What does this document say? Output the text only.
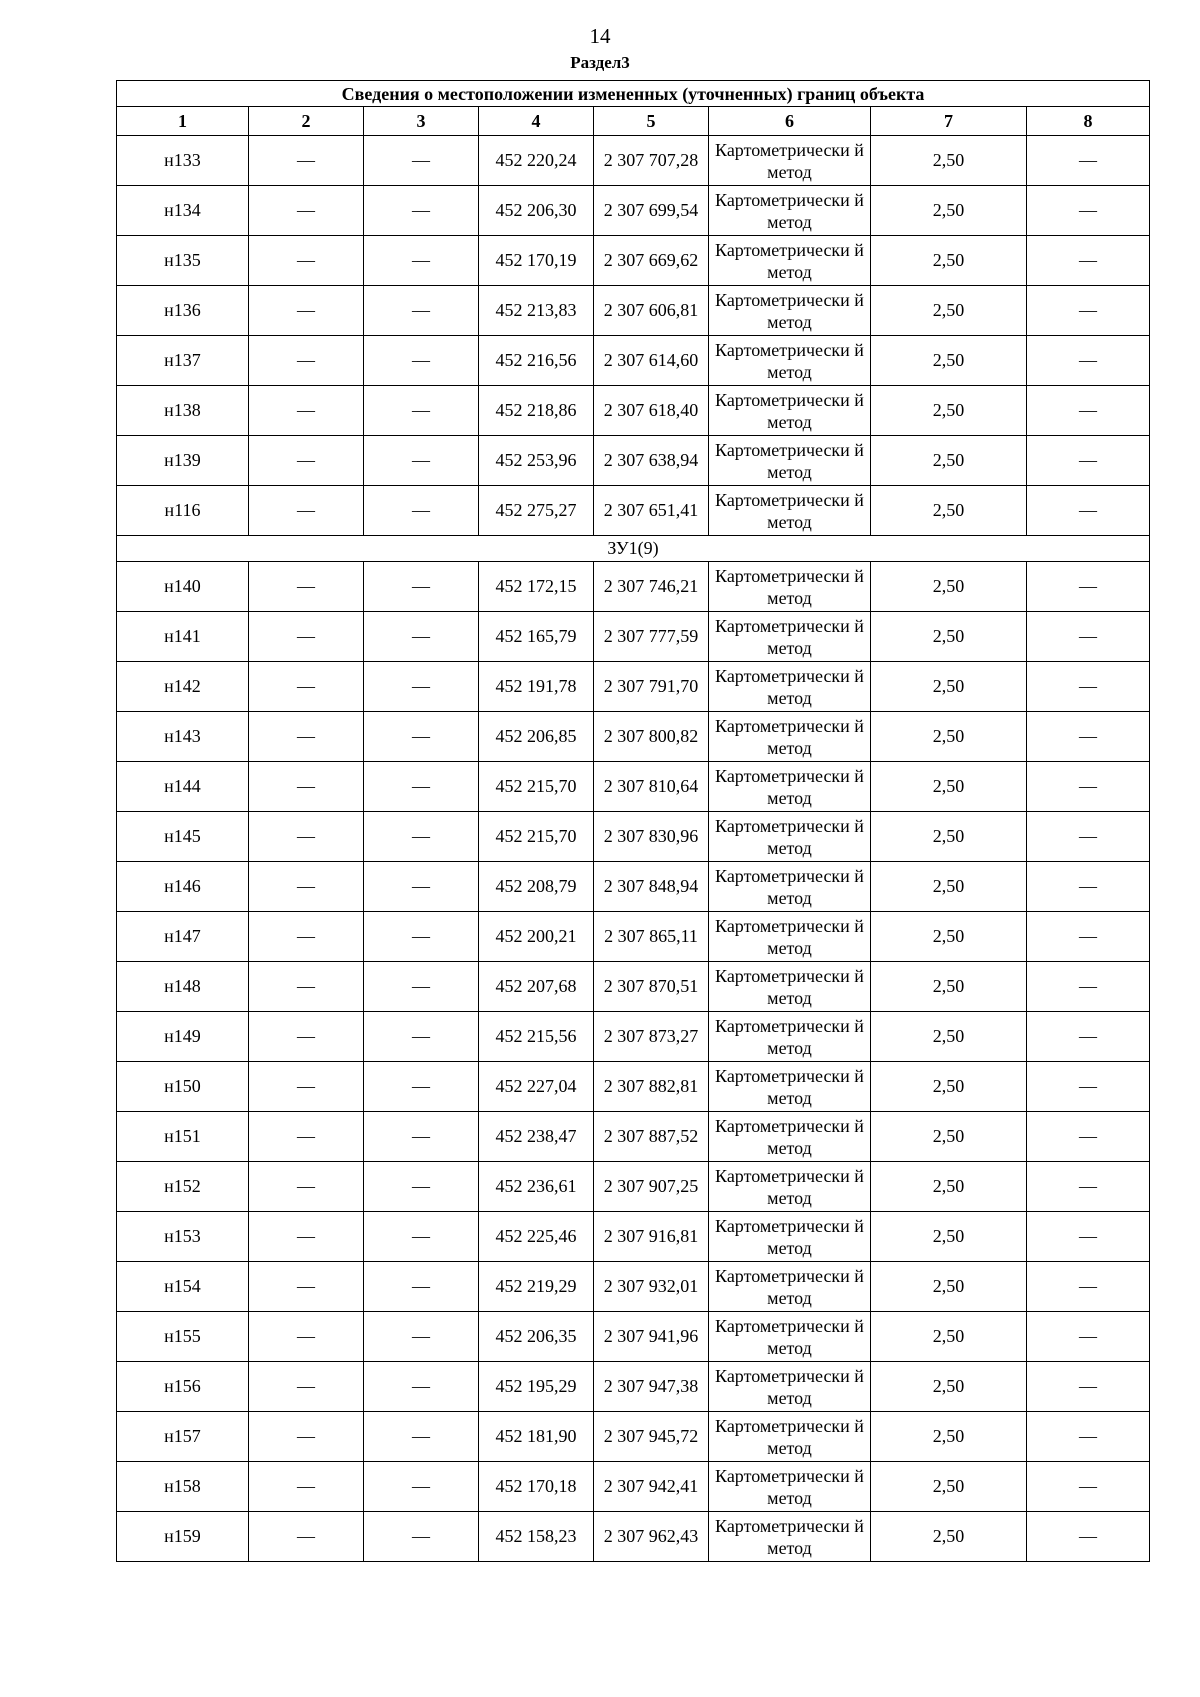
14
Раздел3
Сведения о местоположении измененных (уточненных) границ объекта							
1	2	3	4	5	6	7	8
н133	—	—	452 220,24	2 307 707,28	Картометрически й метод	2,50	—
н134	—	—	452 206,30	2 307 699,54	Картометрически й метод	2,50	—
н135	—	—	452 170,19	2 307 669,62	Картометрически й метод	2,50	—
н136	—	—	452 213,83	2 307 606,81	Картометрически й метод	2,50	—
н137	—	—	452 216,56	2 307 614,60	Картометрически й метод	2,50	—
н138	—	—	452 218,86	2 307 618,40	Картометрически й метод	2,50	—
н139	—	—	452 253,96	2 307 638,94	Картометрически й метод	2,50	—
н116	—	—	452 275,27	2 307 651,41	Картометрически й метод	2,50	—
ЗУ1(9)							
н140	—	—	452 172,15	2 307 746,21	Картометрически й метод	2,50	—
н141	—	—	452 165,79	2 307 777,59	Картометрически й метод	2,50	—
н142	—	—	452 191,78	2 307 791,70	Картометрически й метод	2,50	—
н143	—	—	452 206,85	2 307 800,82	Картометрически й метод	2,50	—
н144	—	—	452 215,70	2 307 810,64	Картометрически й метод	2,50	—
н145	—	—	452 215,70	2 307 830,96	Картометрически й метод	2,50	—
н146	—	—	452 208,79	2 307 848,94	Картометрически й метод	2,50	—
н147	—	—	452 200,21	2 307 865,11	Картометрически й метод	2,50	—
н148	—	—	452 207,68	2 307 870,51	Картометрически й метод	2,50	—
н149	—	—	452 215,56	2 307 873,27	Картометрически й метод	2,50	—
н150	—	—	452 227,04	2 307 882,81	Картометрически й метод	2,50	—
н151	—	—	452 238,47	2 307 887,52	Картометрически й метод	2,50	—
н152	—	—	452 236,61	2 307 907,25	Картометрически й метод	2,50	—
н153	—	—	452 225,46	2 307 916,81	Картометрически й метод	2,50	—
н154	—	—	452 219,29	2 307 932,01	Картометрически й метод	2,50	—
н155	—	—	452 206,35	2 307 941,96	Картометрически й метод	2,50	—
н156	—	—	452 195,29	2 307 947,38	Картометрически й метод	2,50	—
н157	—	—	452 181,90	2 307 945,72	Картометрически й метод	2,50	—
н158	—	—	452 170,18	2 307 942,41	Картометрически й метод	2,50	—
н159	—	—	452 158,23	2 307 962,43	Картометрически й метод	2,50	—
